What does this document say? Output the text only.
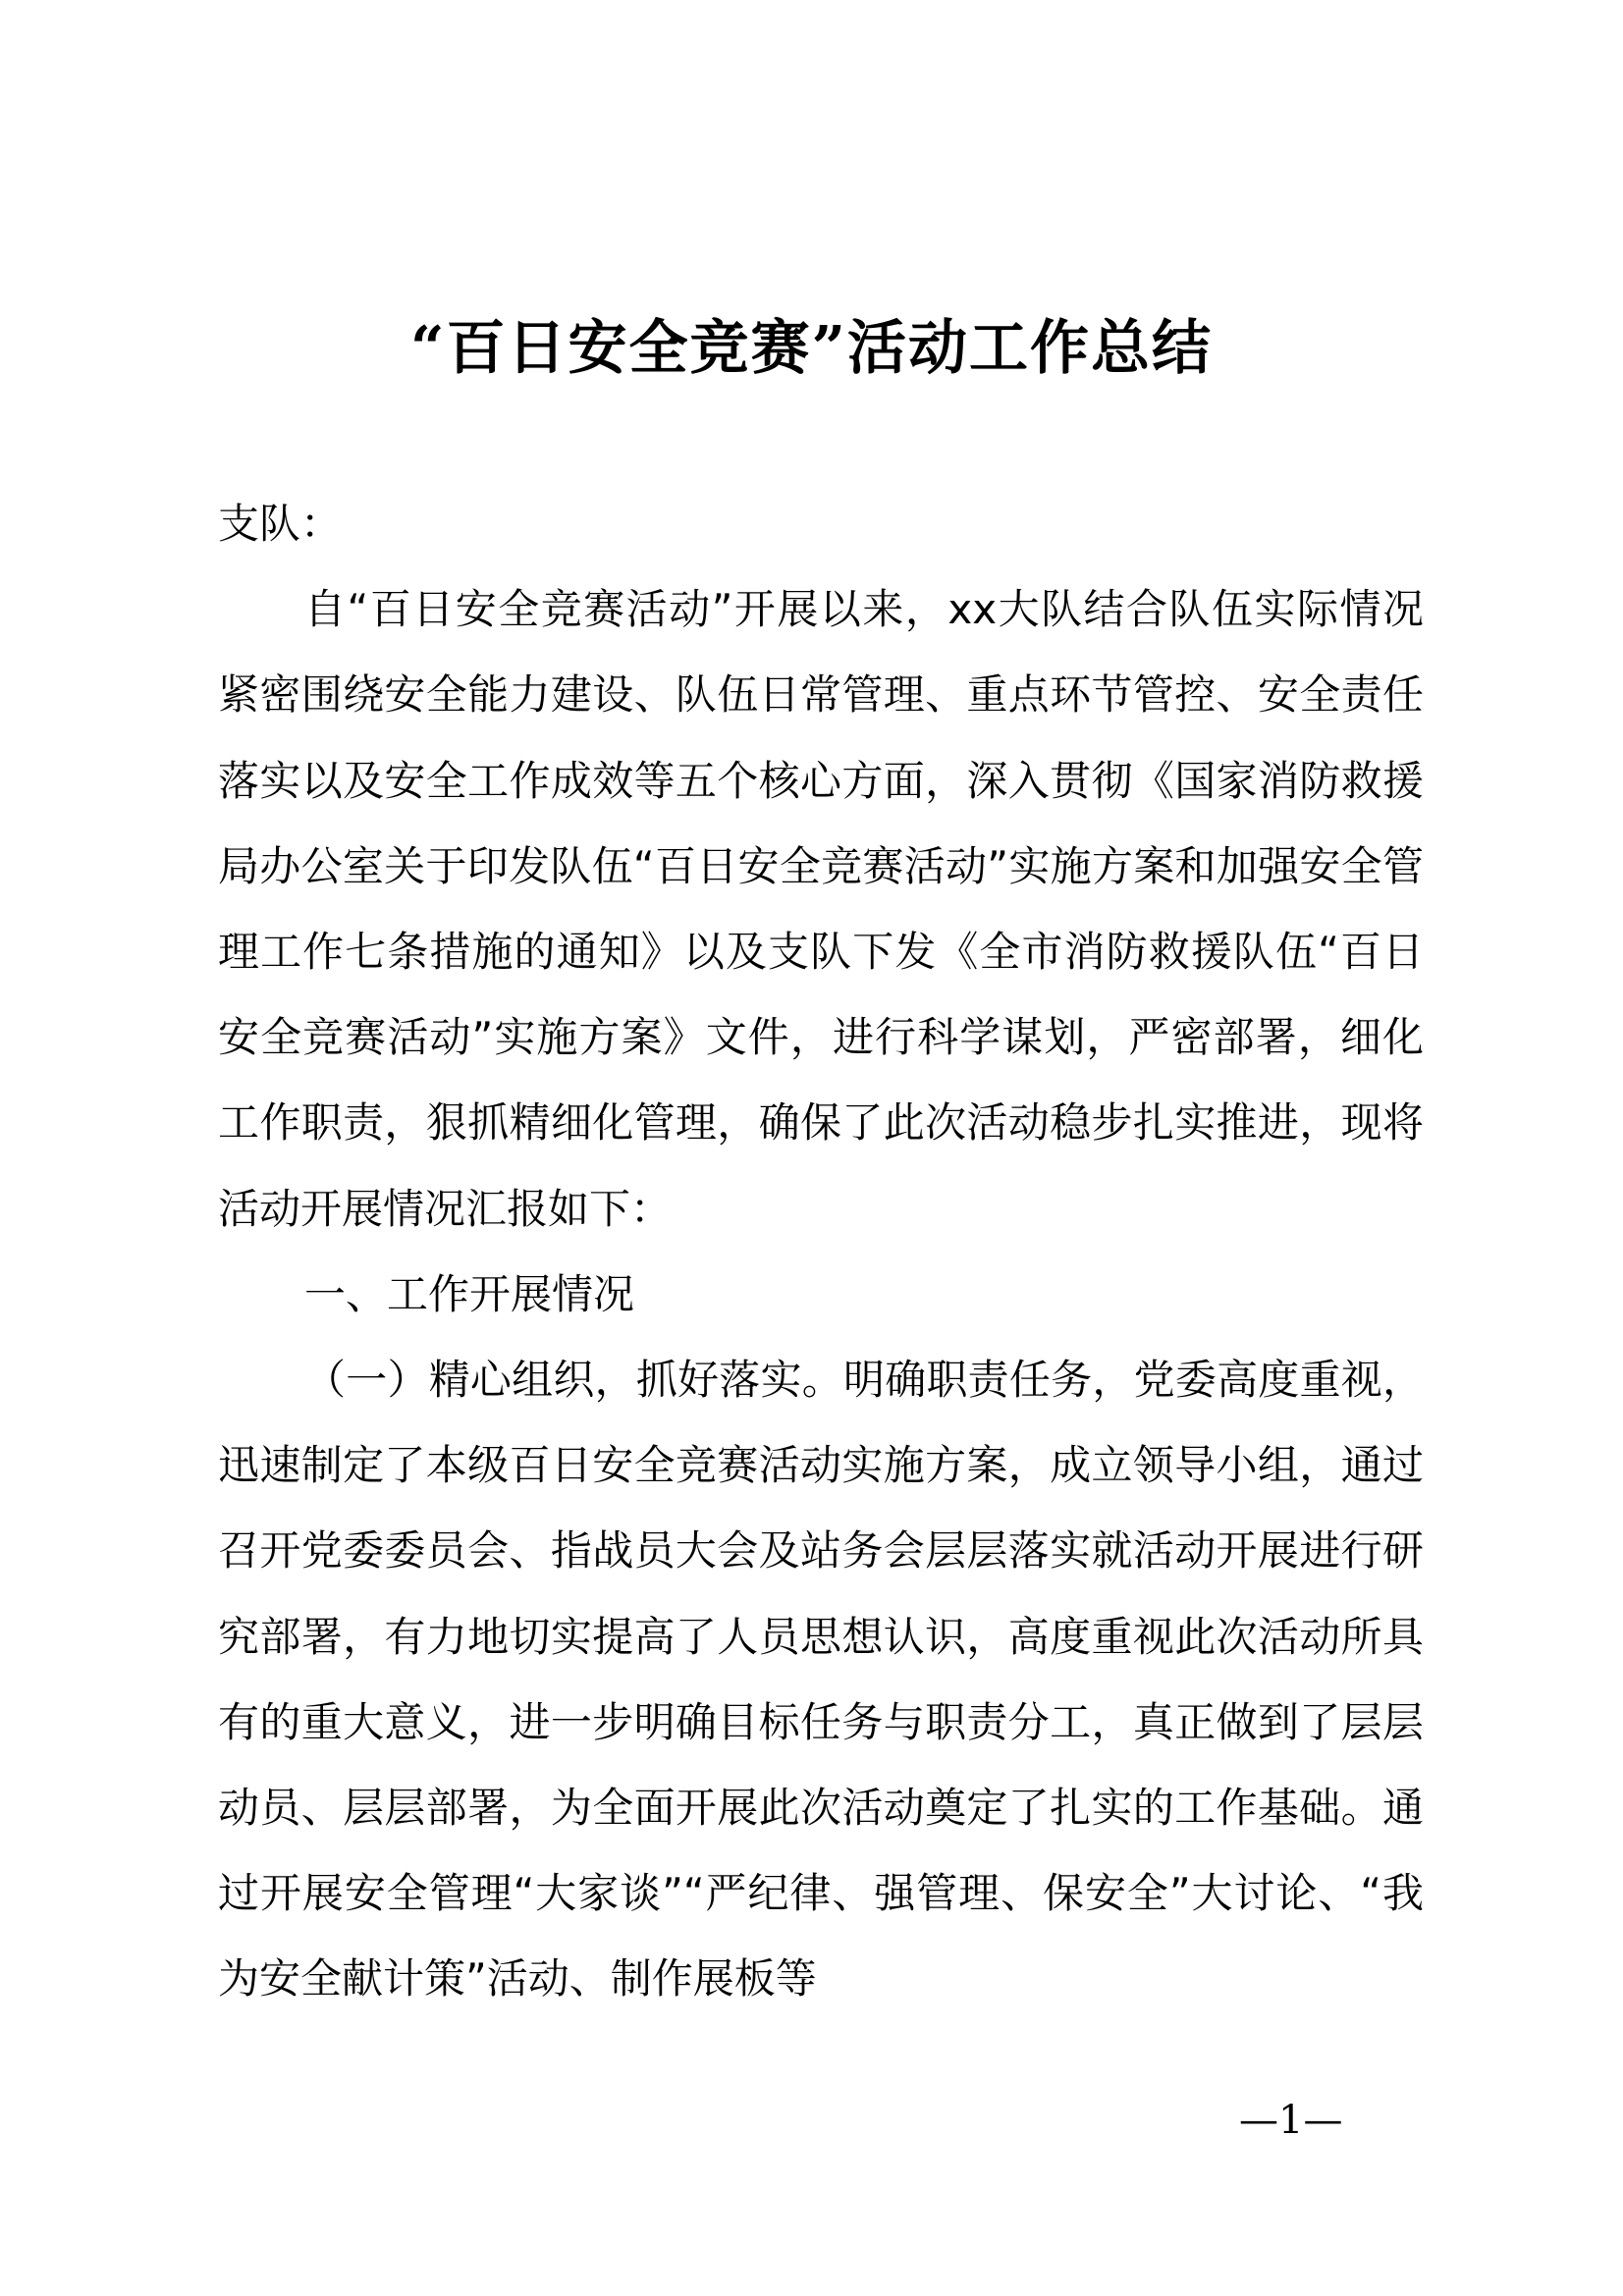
“百日安全竞赛”活动工作总结

支队：

自“百日安全竞赛活动”开展以来，xx大队结合队伍实际情况紧密围绕安全能力建设、队伍日常管理、重点环节管控、安全责任落实以及安全工作成效等五个核心方面，深入贯彻《国家消防救援局办公室关于印发队伍“百日安全竞赛活动”实施方案和加强安全管理工作七条措施的通知》以及支队下发《全市消防救援队伍“百日安全竞赛活动”实施方案》文件，进行科学谋划，严密部署，细化工作职责，狠抓精细化管理，确保了此次活动稳步扎实推进，现将活动开展情况汇报如下：

一、工作开展情况

（一）精心组织，抓好落实。明确职责任务，党委高度重视，迅速制定了本级百日安全竞赛活动实施方案，成立领导小组，通过召开党委委员会、指战员大会及站务会层层落实就活动开展进行研究部署，有力地切实提高了人员思想认识，高度重视此次活动所具有的重大意义，进一步明确目标任务与职责分工，真正做到了层层动员、层层部署，为全面开展此次活动奠定了扎实的工作基础。通过开展安全管理“大家谈”“严纪律、强管理、保安全”大讨论、“我为安全献计策”活动、制作展板等

—1—
